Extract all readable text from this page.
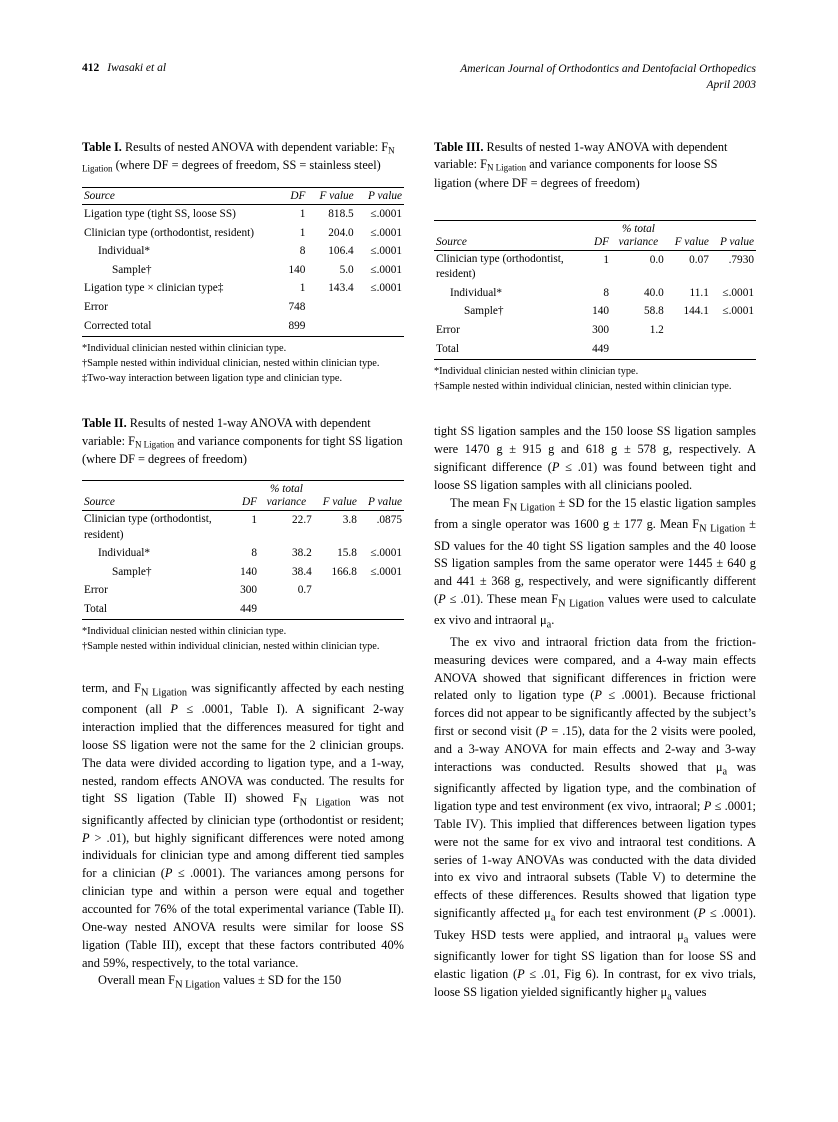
412 Iwasaki et al	American Journal of Orthodontics and Dentofacial Orthopedics
April 2003
Table I. Results of nested ANOVA with dependent variable: $F_{N Ligation}$ (where DF = degrees of freedom, SS = stainless steel)
Source	DF	F value	P value
Ligation type (tight SS, loose SS)	1	818.5	≤.0001
Clinician type (orthodontist, resident)	1	204.0	≤.0001
Individual*	8	106.4	≤.0001
Sample†	140	5.0	≤.0001
Ligation type × clinician type‡	1	143.4	≤.0001
Error	748		
Corrected total	899		
*Individual clinician nested within clinician type.
†Sample nested within individual clinician, nested within clinician type.
‡Two-way interaction between ligation type and clinician type.
Table II. Results of nested 1-way ANOVA with dependent variable: $F_{N Ligation}$ and variance components for tight SS ligation (where DF = degrees of freedom)
Source	DF	% total variance	F value	P value
Clinician type (orthodontist, resident)	1	22.7	3.8	.0875
Individual*	8	38.2	15.8	≤.0001
Sample†	140	38.4	166.8	≤.0001
Error	300	0.7		
Total	449			
*Individual clinician nested within clinician type.
†Sample nested within individual clinician, nested within clinician type.

term, and $F_{N Ligation}$ was significantly affected by each nesting component (all P ≤ .0001, Table I). A significant 2-way interaction implied that the differences measured for tight and loose SS ligation were not the same for the 2 clinician groups. The data were divided according to ligation type, and a 1-way, nested, random effects ANOVA was conducted. The results for tight SS ligation (Table II) showed $F_{N Ligation}$ was not significantly affected by clinician type (orthodontist or resident; P > .01), but highly significant differences were noted among individuals for clinician type and among different tied samples for a clinician (P ≤ .0001). The variances among persons for clinician type and within a person were equal and together accounted for 76% of the total experimental variance (Table II). One-way nested ANOVA results were similar for loose SS ligation (Table III), except that these factors contributed 40% and 59%, respectively, to the total variance.

Overall mean $F_{N Ligation}$ values ± SD for the 150

Table III. Results of nested 1-way ANOVA with dependent variable: $F_{N Ligation}$ and variance components for loose SS ligation (where DF = degrees of freedom)
Source	DF	% total variance	F value	P value
Clinician type (orthodontist, resident)	1	0.0	0.07	.7930
Individual*	8	40.0	11.1	≤.0001
Sample†	140	58.8	144.1	≤.0001
Error	300	1.2		
Total	449			
*Individual clinician nested within clinician type.
†Sample nested within individual clinician, nested within clinician type.

tight SS ligation samples and the 150 loose SS ligation samples were 1470 g ± 915 g and 618 g ± 578 g, respectively. A significant difference (P ≤ .01) was found between tight and loose SS ligation samples with all clinicians pooled.

The mean $F_{N Ligation}$ ± SD for the 15 elastic ligation samples from a single operator was 1600 g ± 177 g. Mean $F_{N Ligation}$ ± SD values for the 40 tight SS ligation samples and the 40 loose SS ligation samples from the same operator were 1445 ± 640 g and 441 ± 368 g, respectively, and were significantly different (P ≤ .01). These mean $F_{N Ligation}$ values were used to calculate ex vivo and intraoral $\mu_a$.

The ex vivo and intraoral friction data from the friction-measuring devices were compared, and a 4-way main effects ANOVA showed that significant differences in friction were related only to ligation type (P ≤ .0001). Because frictional forces did not appear to be significantly affected by the subject’s first or second visit (P = .15), data for the 2 visits were pooled, and a 3-way ANOVA for main effects and 2-way and 3-way interactions was conducted. Results showed that $\mu_a$ was significantly affected by ligation type, and the combination of ligation type and test environment (ex vivo, intraoral; P ≤ .0001; Table IV). This implied that differences between ligation types were not the same for ex vivo and intraoral test conditions. A series of 1-way ANOVAs was conducted with the data divided into ex vivo and intraoral subsets (Table V) to determine the effects of these differences. Results showed that ligation type significantly affected $\mu_a$ for each test environment (P ≤ .0001). Tukey HSD tests were applied, and intraoral $\mu_a$ values were significantly lower for tight SS ligation than for loose SS and elastic ligation (P ≤ .01, Fig 6). In contrast, for ex vivo trials, loose SS ligation yielded significantly higher $\mu_a$ values
